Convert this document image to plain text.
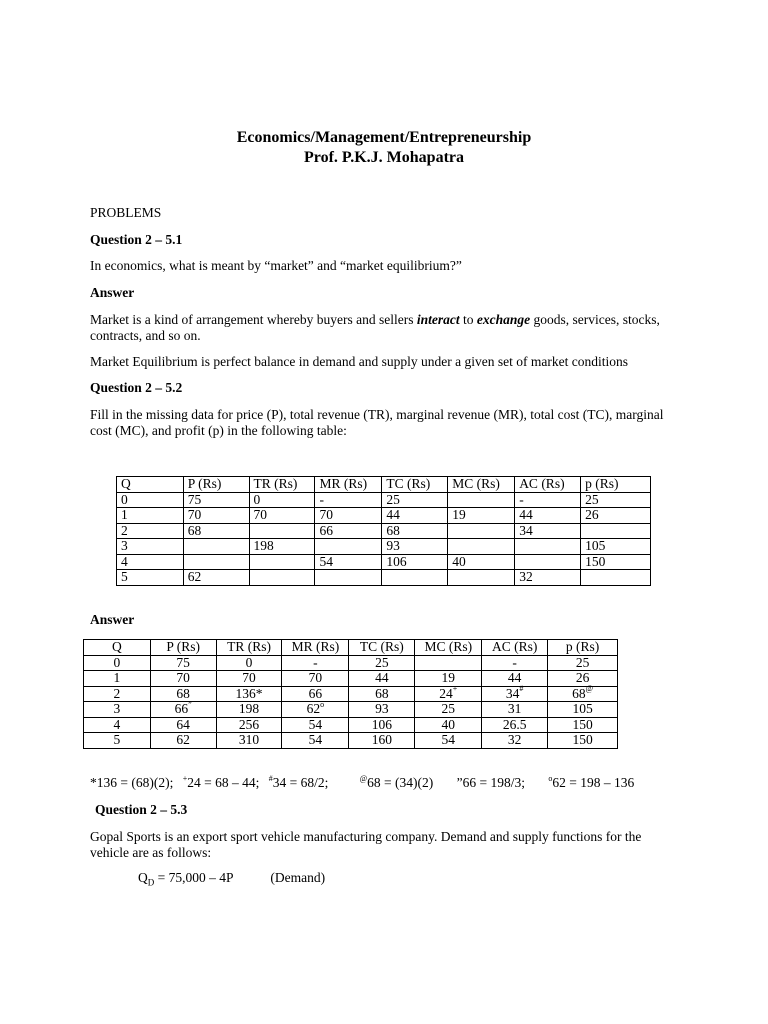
Economics/Management/Entrepreneurship
Prof. P.K.J. Mohapatra
PROBLEMS
Question 2 – 5.1
In economics, what is meant by “market” and “market equilibrium?”
Answer
Market is a kind of arrangement whereby buyers and sellers interact to exchange goods, services, stocks,
contracts, and so on.
Market Equilibrium is perfect balance in demand and supply under a given set of market conditions
Question 2 – 5.2
Fill in the missing data for price (P), total revenue (TR), marginal revenue (MR), total cost (TC), marginal
cost (MC), and profit (p) in the following table:
Q	P (Rs)	TR (Rs)	MR (Rs)	TC (Rs)	MC (Rs)	AC (Rs)	p (Rs)
0	75	0	-	25		-	25
1	70	70	70	44	19	44	26
2	68		66	68		34	
3		198		93			105
4			54	106	40		150
5	62					32	
Answer
Q	P (Rs)	TR (Rs)	MR (Rs)	TC (Rs)	MC (Rs)	AC (Rs)	p (Rs)
0	75	0	-	25		-	25
1	70	70	70	44	19	44	26
2	68	136*	66	68	24+	34#	68@
3	66”	198	62$^o$	93	25	31	105
4	64	256	54	106	40	26.5	150
5	62	310	54	160	54	32	150
*136 = (68)(2); +24 = 68 – 44; #34 = 68/2;	@68 = (34)(2) ”66 = 198/3;	$^o$62 = 198 – 136
Question 2 – 5.3
Gopal Sports is an export sport vehicle manufacturing company. Demand and supply functions for the
vehicle are as follows:
$Q_D = 75,000 - 4P$	(Demand)
